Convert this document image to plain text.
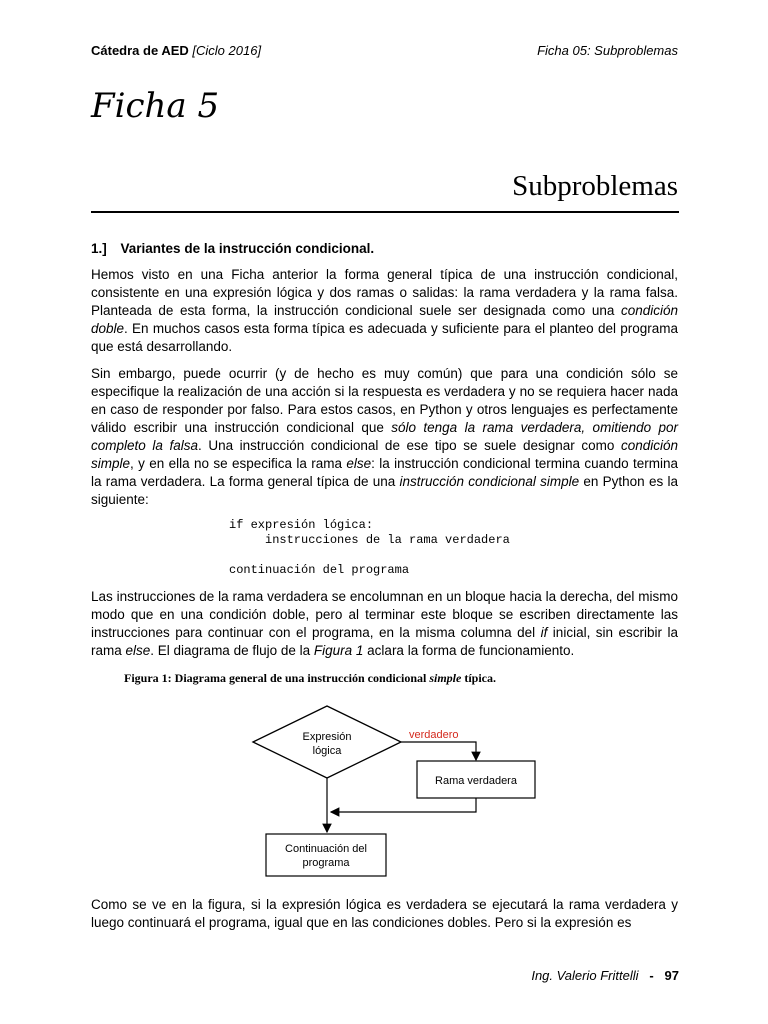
Cátedra de AED [Ciclo 2016]	Ficha 05: Subproblemas
Ficha 5
Subproblemas
1.] Variantes de la instrucción condicional.

Hemos visto en una Ficha anterior la forma general típica de una instrucción condicional, consistente en una expresión lógica y dos ramas o salidas: la rama verdadera y la rama falsa. Planteada de esta forma, la instrucción condicional suele ser designada como una condición doble. En muchos casos esta forma típica es adecuada y suficiente para el planteo del programa que está desarrollando.

Sin embargo, puede ocurrir (y de hecho es muy común) que para una condición sólo se especifique la realización de una acción si la respuesta es verdadera y no se requiera hacer nada en caso de responder por falso. Para estos casos, en Python y otros lenguajes es perfectamente válido escribir una instrucción condicional que sólo tenga la rama verdadera, omitiendo por completo la falsa. Una instrucción condicional de ese tipo se suele designar como condición simple, y en ella no se especifica la rama else: la instrucción condicional termina cuando termina la rama verdadera. La forma general típica de una instrucción condicional simple en Python es la siguiente:

if expresión lógica:
instrucciones de la rama verdadera

continuación del programa

Las instrucciones de la rama verdadera se encolumnan en un bloque hacia la derecha, del mismo modo que en una condición doble, pero al terminar este bloque se escriben directamente las instrucciones para continuar con el programa, en la misma columna del if inicial, sin escribir la rama else. El diagrama de flujo de la Figura 1 aclara la forma de funcionamiento.

Figura 1: Diagrama general de una instrucción condicional simple típica.
Expresión
lógica
verdadero
Rama verdadera
Continuación del
programa
Como se ve en la figura, si la expresión lógica es verdadera se ejecutará la rama verdadera y luego continuará el programa, igual que en las condiciones dobles. Pero si la expresión es
Ing. Valerio Frittelli - 97
